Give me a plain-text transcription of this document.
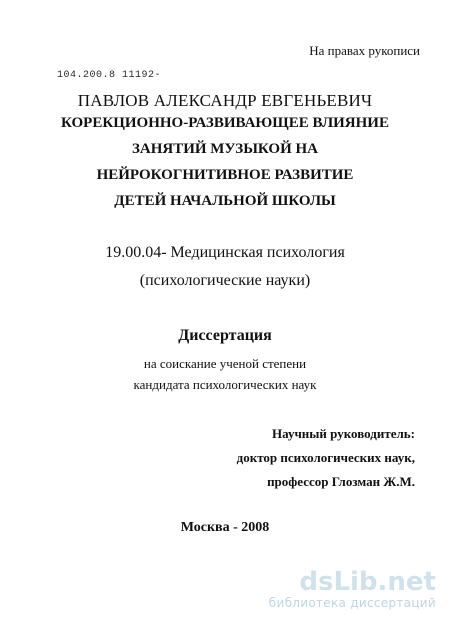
На правах рукописи
104.200.8 11192-
ПАВЛОВ АЛЕКСАНДР ЕВГЕНЬЕВИЧ
КОРЕКЦИОННО-РАЗВИВАЮЩЕЕ ВЛИЯНИЕ
ЗАНЯТИЙ МУЗЫКОЙ НА
НЕЙРОКОГНИТИВНОЕ РАЗВИТИЕ
ДЕТЕЙ НАЧАЛЬНОЙ ШКОЛЫ
19.00.04- Медицинская психология
(психологические науки)
Диссертация
на соискание ученой степени
кандидата психологических наук
Научный руководитель:
доктор психологических наук,
профессор Глозман Ж.М.
Москва - 2008
dsLib.net
библиотека диссертаций
